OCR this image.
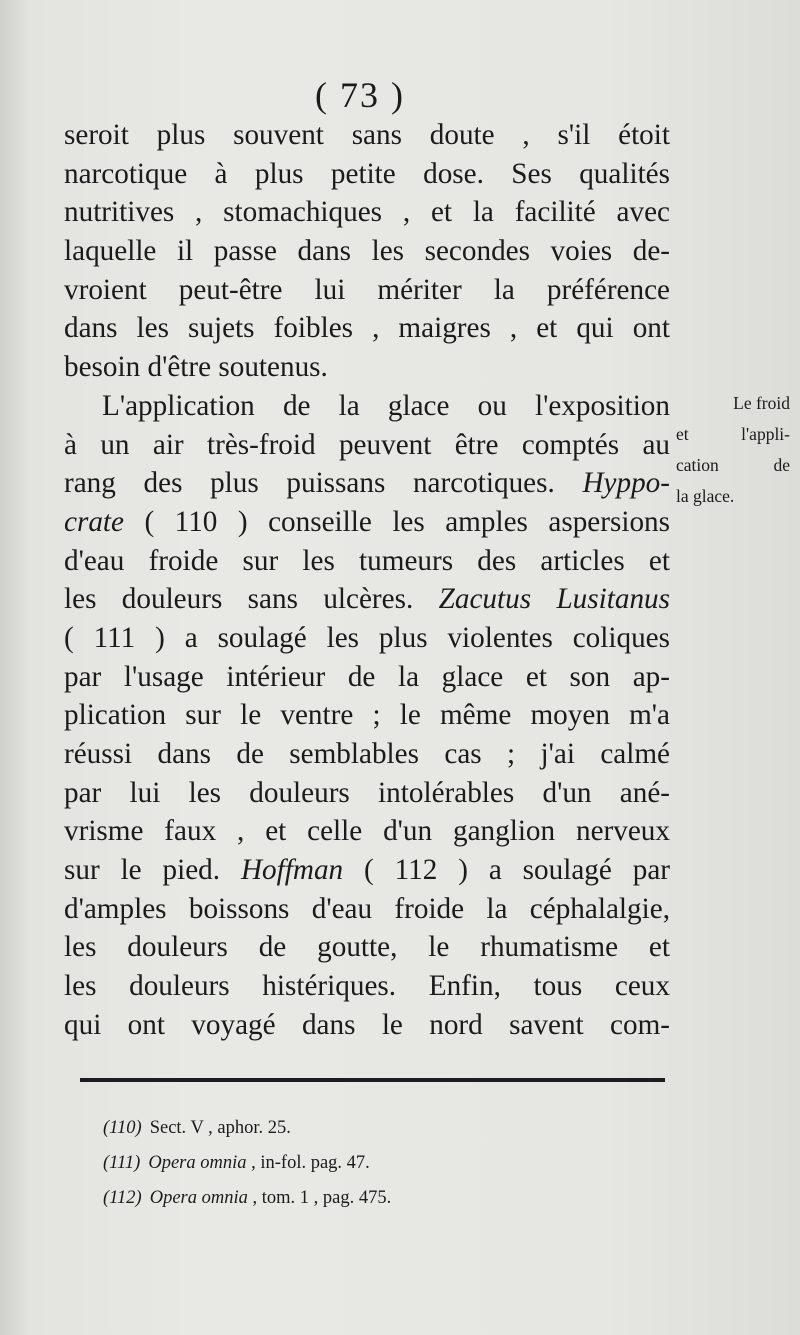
( 73 )
seroit plus souvent sans doute , s'il étoit
narcotique à plus petite dose. Ses qualités
nutritives , stomachiques , et la facilité avec
laquelle il passe dans les secondes voies de-
vroient peut-être lui mériter la préférence
dans les sujets foibles , maigres , et qui ont
besoin d'être soutenus.
L'application de la glace ou l'exposition
à un air très-froid peuvent être comptés au
rang des plus puissans narcotiques. Hyppo-
crate ( 110 ) conseille les amples aspersions
d'eau froide sur les tumeurs des articles et
les douleurs sans ulcères. Zacutus Lusitanus
( 111 ) a soulagé les plus violentes coliques
par l'usage intérieur de la glace et son ap-
plication sur le ventre ; le même moyen m'a
réussi dans de semblables cas ; j'ai calmé
par lui les douleurs intolérables d'un ané-
vrisme faux , et celle d'un ganglion nerveux
sur le pied. Hoffman ( 112 ) a soulagé par
d'amples boissons d'eau froide la céphalalgie,
les douleurs de goutte, le rhumatisme et
les douleurs histériques. Enfin, tous ceux
qui ont voyagé dans le nord savent com-
Le froid
et l'appli-
cation de
la glace.
(110) Sect. V , aphor. 25.
(111) Opera omnia , in-fol. pag. 47.
(112) Opera omnia , tom. 1 , pag. 475.
